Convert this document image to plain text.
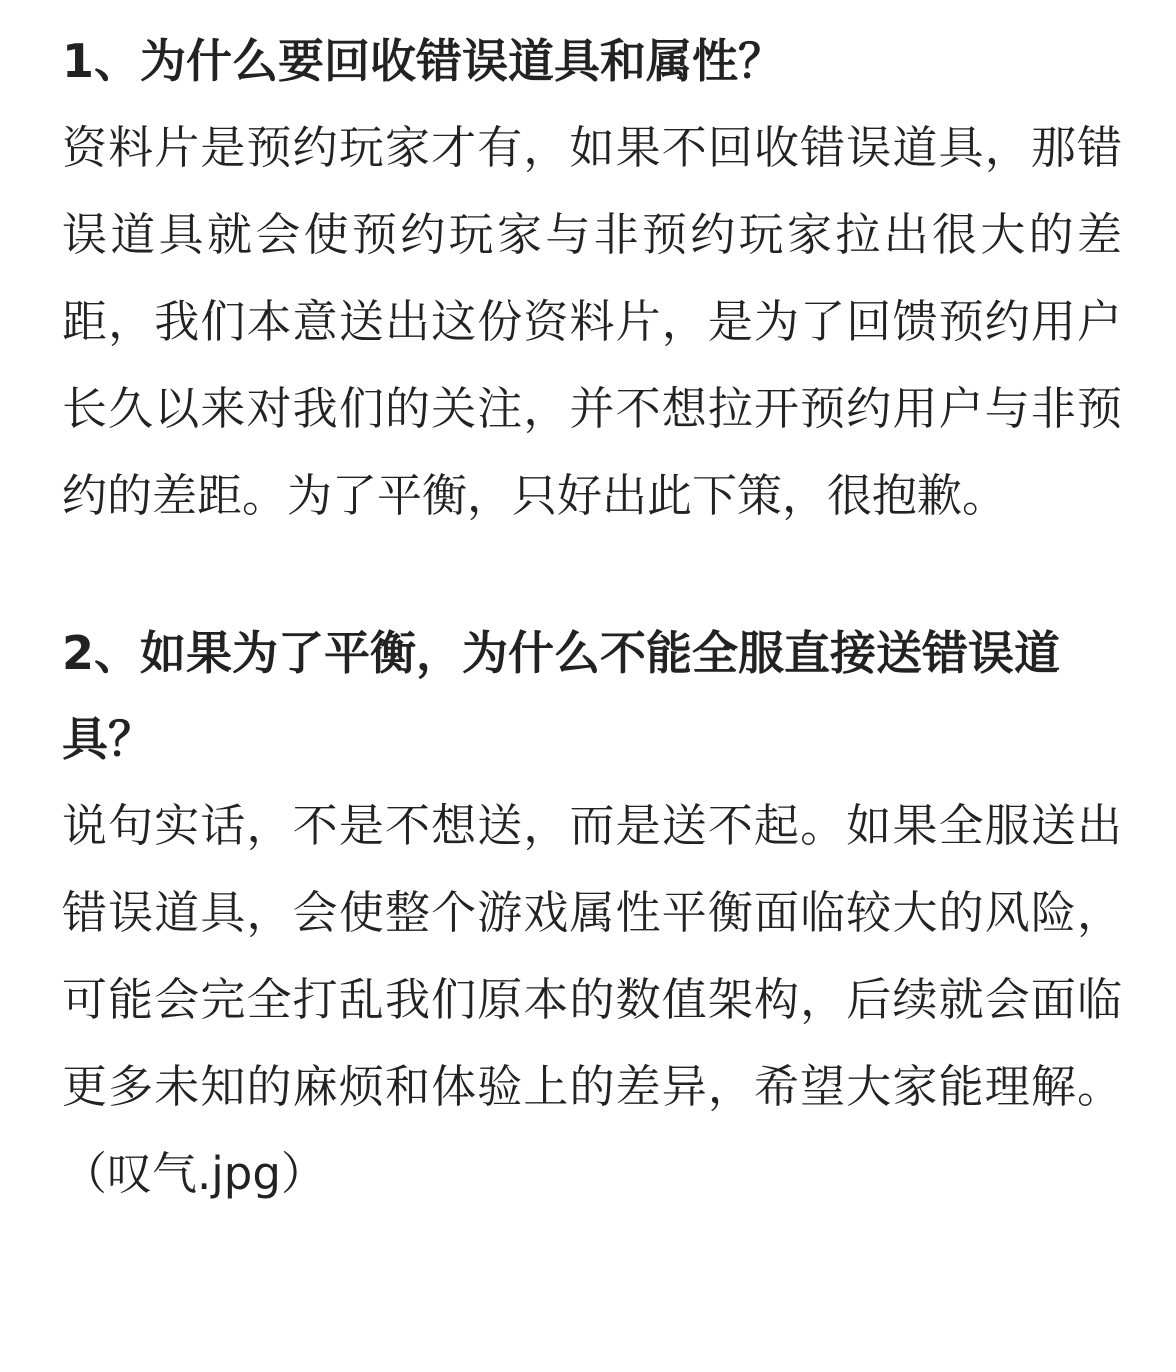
1、为什么要回收错误道具和属性？

资料片是预约玩家才有，如果不回收错误道具，那错误道具就会使预约玩家与非预约玩家拉出很大的差距，我们本意送出这份资料片，是为了回馈预约用户长久以来对我们的关注，并不想拉开预约用户与非预约的差距。为了平衡，只好出此下策，很抱歉。

2、如果为了平衡，为什么不能全服直接送错误道具？

说句实话，不是不想送，而是送不起。如果全服送出错误道具，会使整个游戏属性平衡面临较大的风险，可能会完全打乱我们原本的数值架构，后续就会面临更多未知的麻烦和体验上的差异，希望大家能理解。（叹气.jpg）
